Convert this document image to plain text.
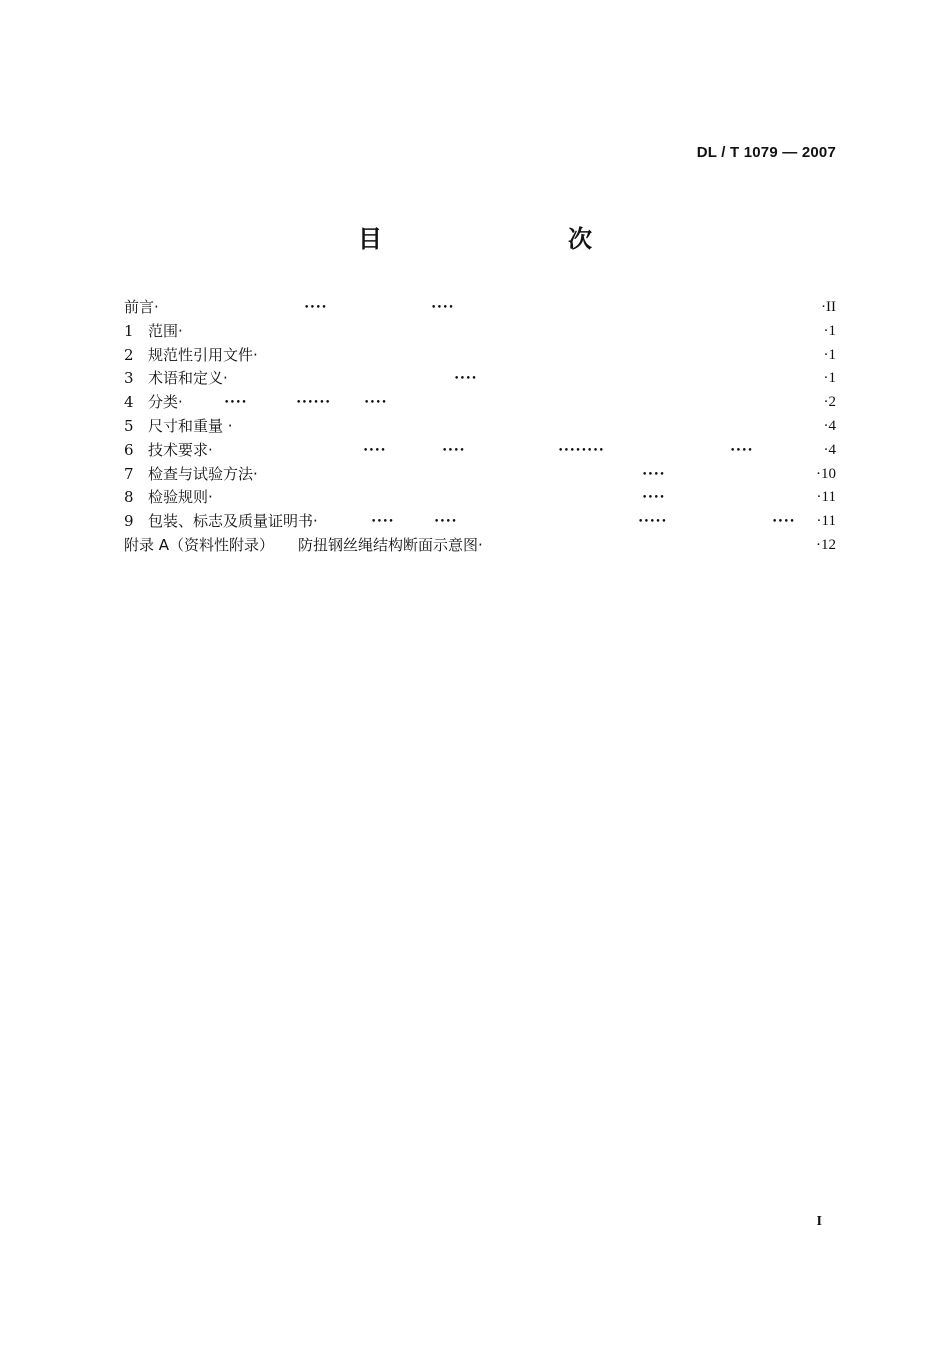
DL / T 1079 — 2007
目　　次
前言·	••••	••••	·II
1 范围·	·1
2 规范性引用文件·	·1
3 术语和定义·	••••	·1
4 分类·	••••	••••••	••••	·2
5 尺寸和重量 ·	·4
6 技术要求·	••••	••••	••••••••	••••	·4
7 检查与试验方法·	••••	·10
8 检验规则·	••••	·11
9 包装、标志及质量证明书·	••••	••••	•••••	•••• ·11
附录 A（资料性附录） 防扭钢丝绳结构断面示意图·	·12
I
